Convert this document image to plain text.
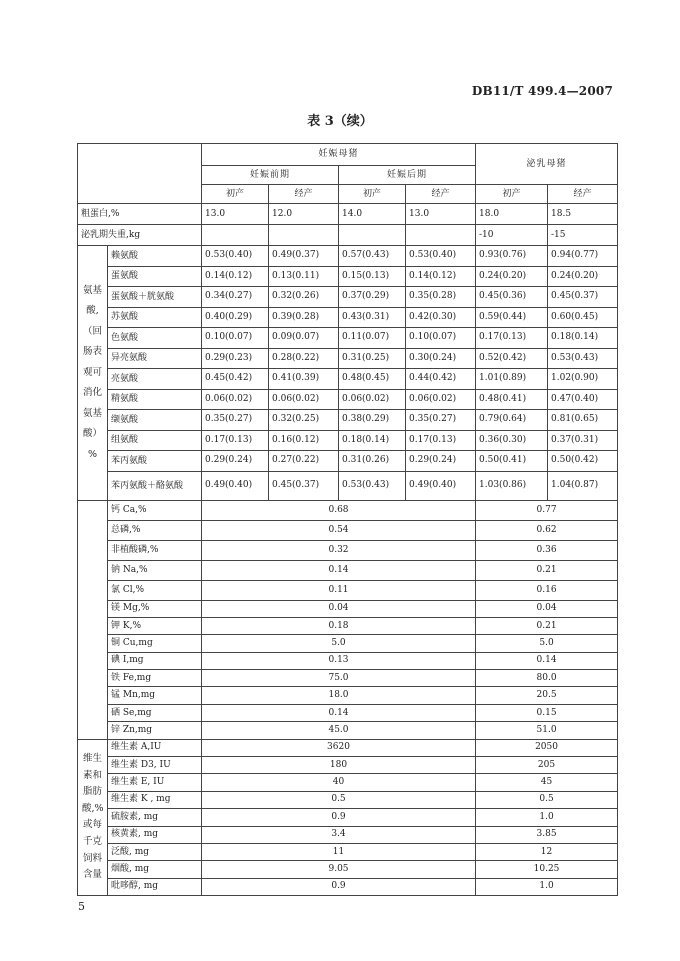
DB11/T 499.4—2007
表 3（续）
		妊娠母猪				泌乳母猪	
		妊娠前期		妊娠后期			
		初产	经产	初产	经产	初产	经产
粗蛋白,%		13.0	12.0	14.0	13.0	18.0	18.5
泌乳期失重,kg						-10	-15
氨基酸,（回肠表观可消化氨基酸）%	赖氨酸	0.53(0.40)	0.49(0.37)	0.57(0.43)	0.53(0.40)	0.93(0.76)	0.94(0.77)
	蛋氨酸	0.14(0.12)	0.13(0.11)	0.15(0.13)	0.14(0.12)	0.24(0.20)	0.24(0.20)
	蛋氨酸＋胱氨酸	0.34(0.27)	0.32(0.26)	0.37(0.29)	0.35(0.28)	0.45(0.36)	0.45(0.37)
	苏氨酸	0.40(0.29)	0.39(0.28)	0.43(0.31)	0.42(0.30)	0.59(0.44)	0.60(0.45)
	色氨酸	0.10(0.07)	0.09(0.07)	0.11(0.07)	0.10(0.07)	0.17(0.13)	0.18(0.14)
	异亮氨酸	0.29(0.23)	0.28(0.22)	0.31(0.25)	0.30(0.24)	0.52(0.42)	0.53(0.43)
	亮氨酸	0.45(0.42)	0.41(0.39)	0.48(0.45)	0.44(0.42)	1.01(0.89)	1.02(0.90)
	精氨酸	0.06(0.02)	0.06(0.02)	0.06(0.02)	0.06(0.02)	0.48(0.41)	0.47(0.40)
	缬氨酸	0.35(0.27)	0.32(0.25)	0.38(0.29)	0.35(0.27)	0.79(0.64)	0.81(0.65)
	组氨酸	0.17(0.13)	0.16(0.12)	0.18(0.14)	0.17(0.13)	0.36(0.30)	0.37(0.31)
	苯丙氨酸	0.29(0.24)	0.27(0.22)	0.31(0.26)	0.29(0.24)	0.50(0.41)	0.50(0.42)
	苯丙氨酸＋酪氨酸	0.49(0.40)	0.45(0.37)	0.53(0.43)	0.49(0.40)	1.03(0.86)	1.04(0.87)
	钙 Ca,%	0.68				0.77	
	总磷,%	0.54				0.62	
	非植酸磷,%	0.32				0.36	
	钠 Na,%	0.14				0.21	
	氯 Cl,%	0.11				0.16	
	镁 Mg,%	0.04				0.04	
	钾 K,%	0.18				0.21	
	铜 Cu,mg	5.0				5.0	
	碘 I,mg	0.13				0.14	
	铁 Fe,mg	75.0				80.0	
	锰 Mn,mg	18.0				20.5	
	硒 Se,mg	0.14				0.15	
	锌 Zn,mg	45.0				51.0	
维生素和脂肪酸,%或每千克饲料含量	维生素 A,IU	3620				2050	
	维生素 D3, IU	180				205	
	维生素 E, IU	40				45	
	维生素 K , mg	0.5				0.5	
	硫胺素, mg	0.9				1.0	
	核黄素, mg	3.4				3.85	
	泛酸, mg	11				12	
	烟酸, mg	9.05				10.25	
	吡哆醇, mg	0.9				1.0	
5
